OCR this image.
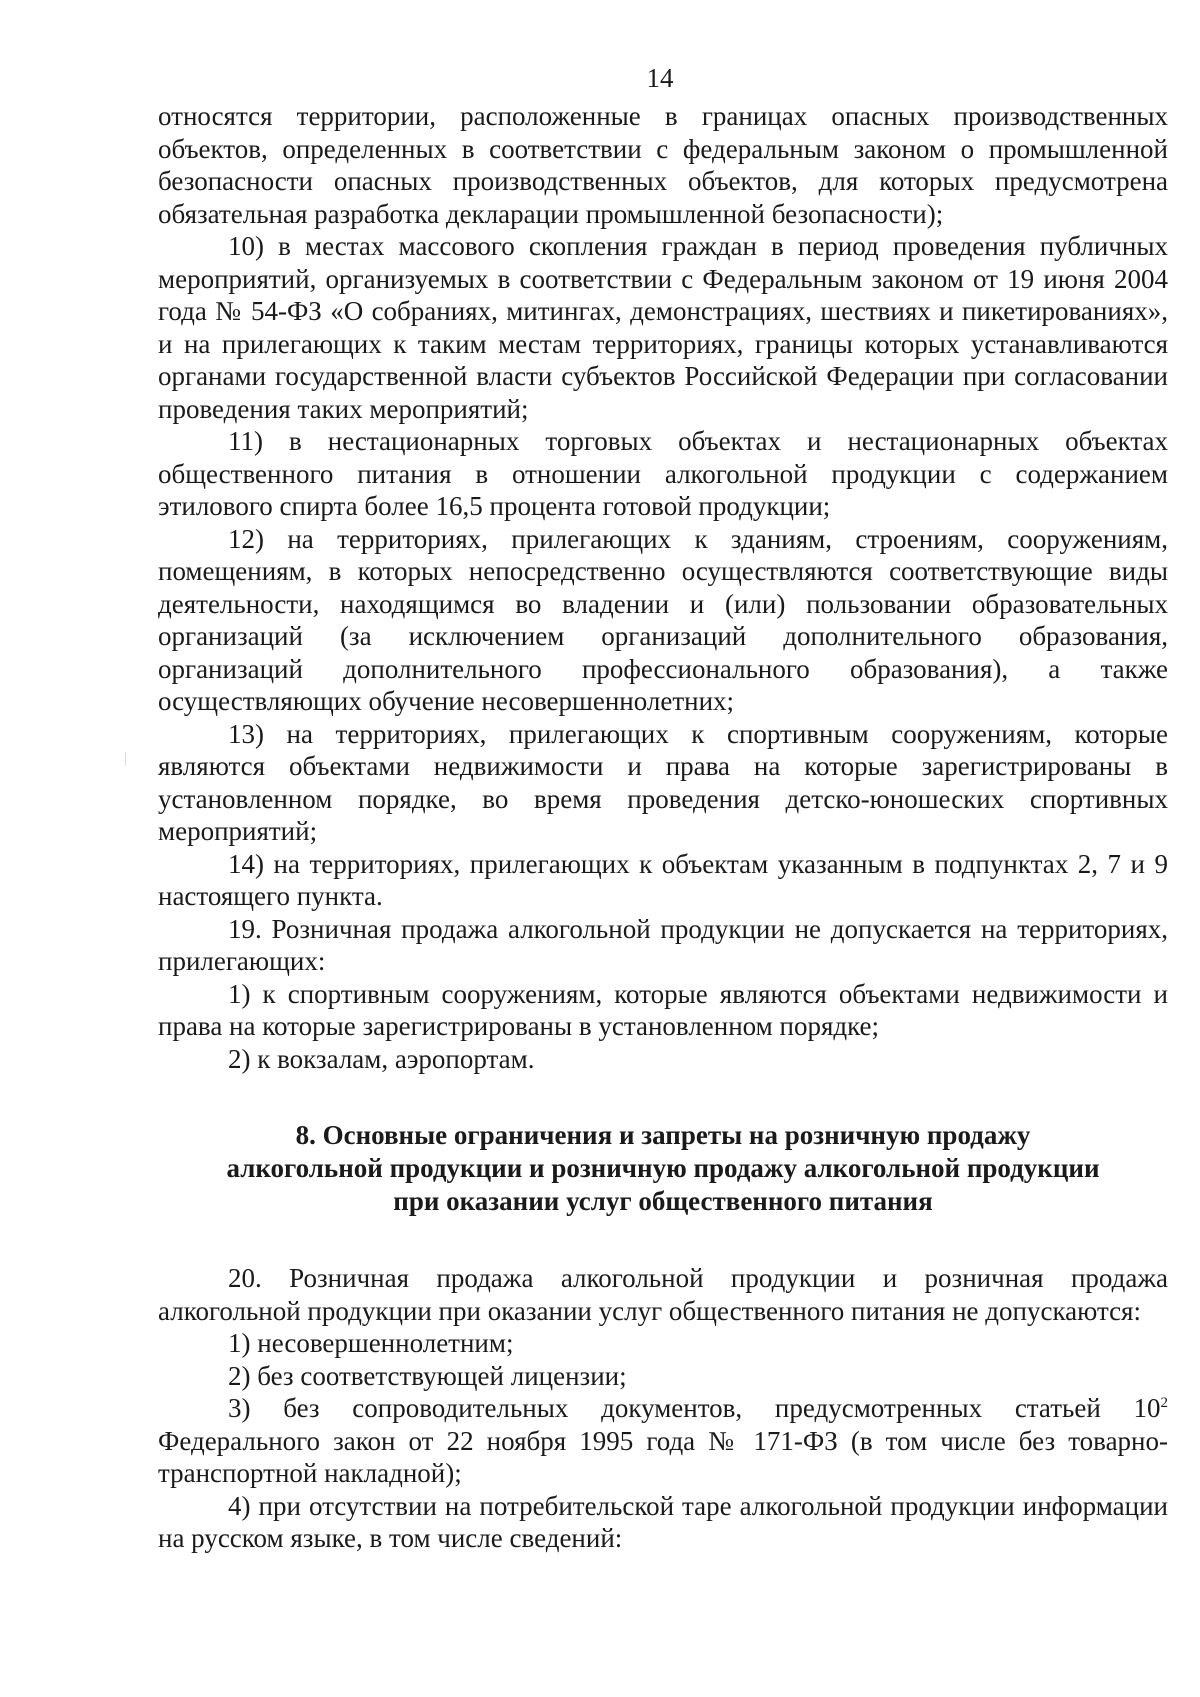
14

относятся территории, расположенные в границах опасных производственных объектов, определенных в соответствии с федеральным законом о промышленной безопасности опасных производственных объектов, для которых предусмотрена обязательная разработка декларации промышленной безопасности);

10) в местах массового скопления граждан в период проведения публичных мероприятий, организуемых в соответствии с Федеральным законом от 19 июня 2004 года № 54-ФЗ «О собраниях, митингах, демонстрациях, шествиях и пикетированиях», и на прилегающих к таким местам территориях, границы которых устанавливаются органами государственной власти субъектов Российской Федерации при согласовании проведения таких мероприятий;

11) в нестационарных торговых объектах и нестационарных объектах общественного питания в отношении алкогольной продукции с содержанием этилового спирта более 16,5 процента готовой продукции;

12) на территориях, прилегающих к зданиям, строениям, сооружениям, помещениям, в которых непосредственно осуществляются соответствующие виды деятельности, находящимся во владении и (или) пользовании образовательных организаций (за исключением организаций дополнительного образования, организаций дополнительного профессионального образования), а также осуществляющих обучение несовершеннолетних;

13) на территориях, прилегающих к спортивным сооружениям, которые являются объектами недвижимости и права на которые зарегистрированы в установленном порядке, во время проведения детско-юношеских спортивных мероприятий;

14) на территориях, прилегающих к объектам указанным в подпунктах 2, 7 и 9 настоящего пункта.

19. Розничная продажа алкогольной продукции не допускается на территориях, прилегающих:

1) к спортивным сооружениям, которые являются объектами недвижимости и права на которые зарегистрированы в установленном порядке;

2) к вокзалам, аэропортам.

8. Основные ограничения и запреты на розничную продажу
алкогольной продукции и розничную продажу алкогольной продукции
при оказании услуг общественного питания

20. Розничная продажа алкогольной продукции и розничная продажа алкогольной продукции при оказании услуг общественного питания не допускаются:

1) несовершеннолетним;

2) без соответствующей лицензии;

3) без сопроводительных документов, предусмотренных статьей $10^2$ Федерального закон от 22 ноября 1995 года № 171-ФЗ (в том числе без товарно-транспортной накладной);

4) при отсутствии на потребительской таре алкогольной продукции информации на русском языке, в том числе сведений:
